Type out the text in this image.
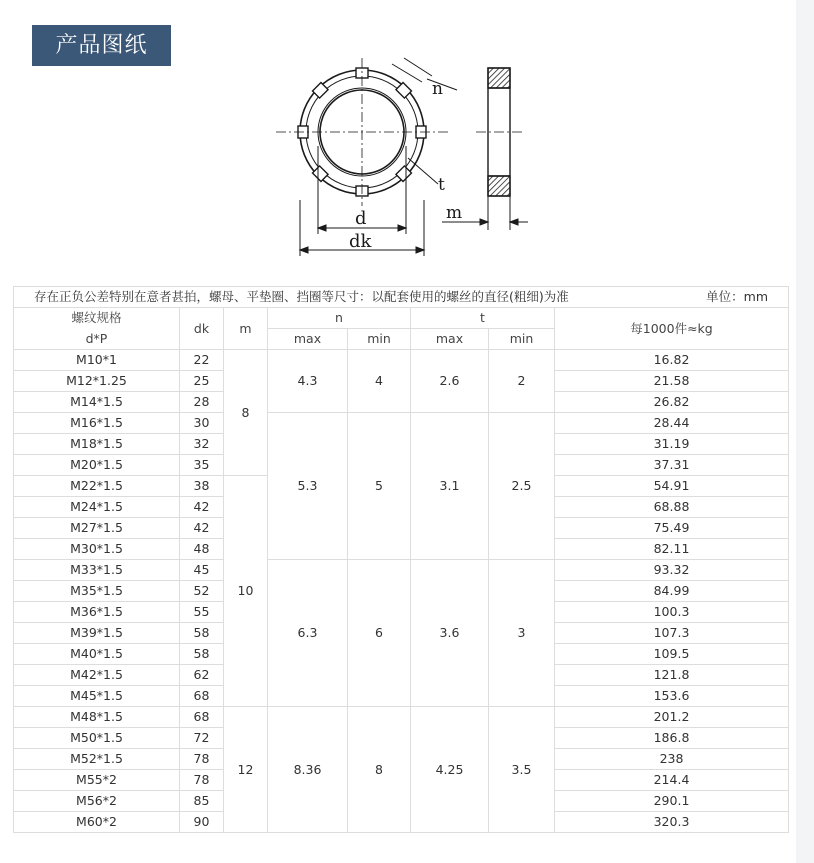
产品图纸
n
t
d
dk
m
存在正负公差特别在意者甚拍，螺母、平垫圈、挡圈等尺寸：以配套使用的螺丝的直径(粗细)为准 单位：mm							

螺纹规格	dk	m	n		t		每1000件≈kg
d*P			max	min	max	min	
M10*1	22	8	4.3	4	2.6	2	16.82
M12*1.25	25						21.58
M14*1.5	28						26.82
M16*1.5	30		5.3	5	3.1	2.5	28.44
M18*1.5	32						31.19
M20*1.5	35						37.31
M22*1.5	38	10					54.91
M24*1.5	42						68.88
M27*1.5	42						75.49
M30*1.5	48						82.11
M33*1.5	45		6.3	6	3.6	3	93.32
M35*1.5	52						84.99
M36*1.5	55						100.3
M39*1.5	58						107.3
M40*1.5	58						109.5
M42*1.5	62						121.8
M45*1.5	68						153.6
M48*1.5	68	12	8.36	8	4.25	3.5	201.2
M50*1.5	72						186.8
M52*1.5	78						238
M55*2	78						214.4
M56*2	85						290.1
M60*2	90						320.3
